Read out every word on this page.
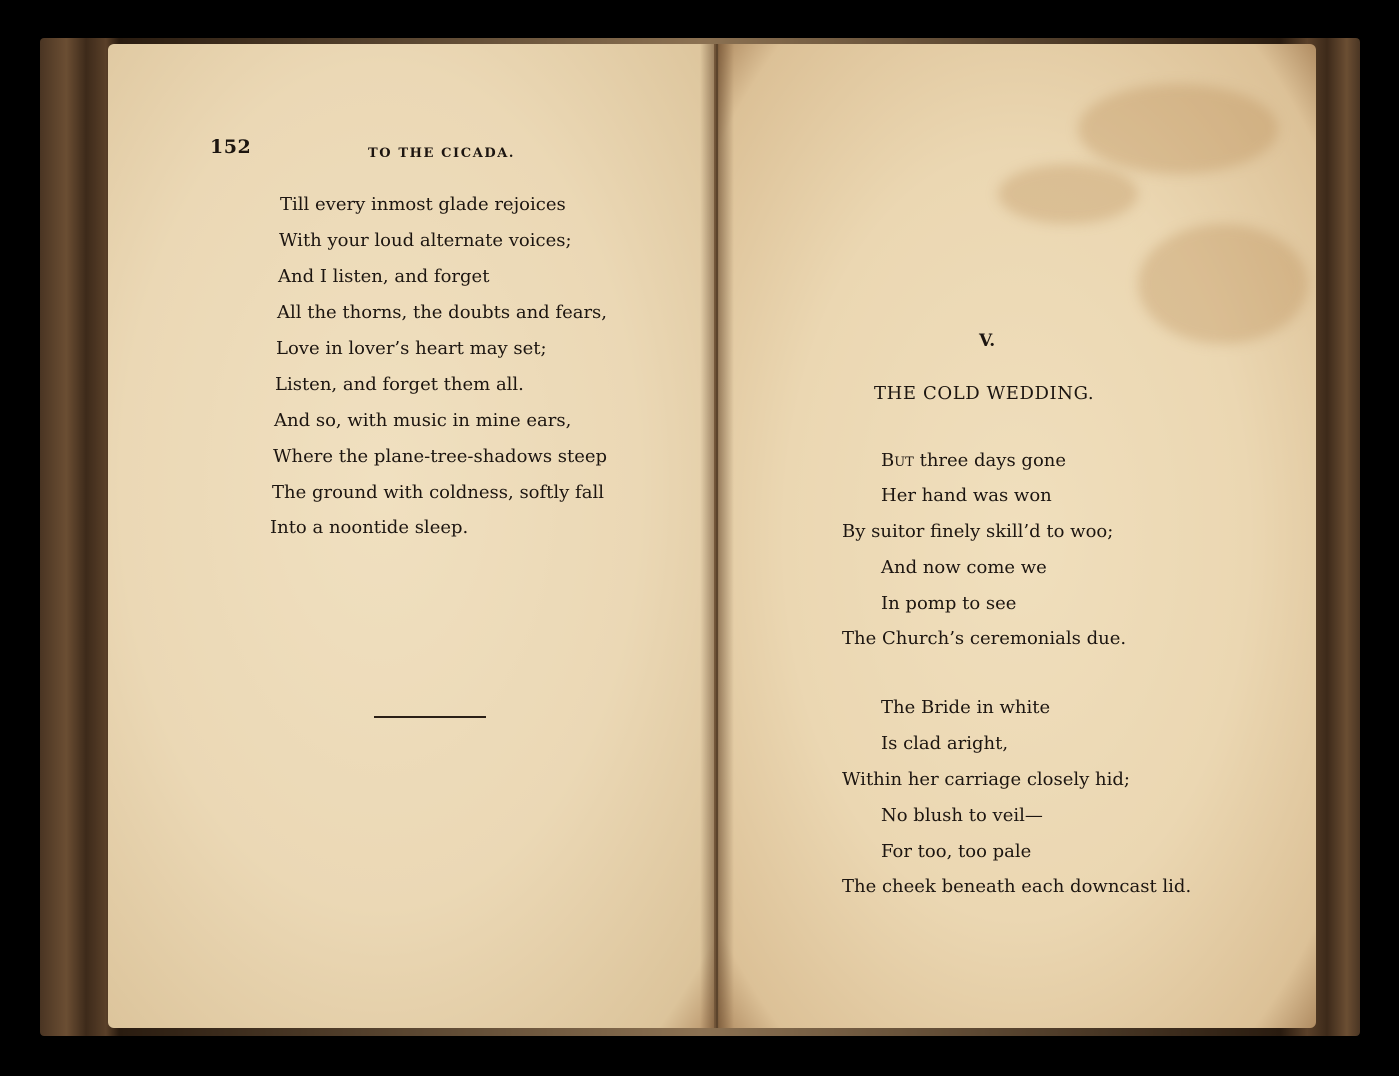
152	TO THE CICADA.
Till every inmost glade rejoices
With your loud alternate voices;
And I listen, and forget
All the thorns, the doubts and fears,
Love in lover’s heart may set;
Listen, and forget them all.
And so, with music in mine ears,
Where the plane-tree-shadows steep
The ground with coldness, softly fall
Into a noontide sleep.
V.
THE COLD WEDDING.
But three days gone
Her hand was won
By suitor finely skill’d to woo;
And now come we
In pomp to see
The Church’s ceremonials due.
The Bride in white
Is clad aright,
Within her carriage closely hid;
No blush to veil—
For too, too pale
The cheek beneath each downcast lid.
